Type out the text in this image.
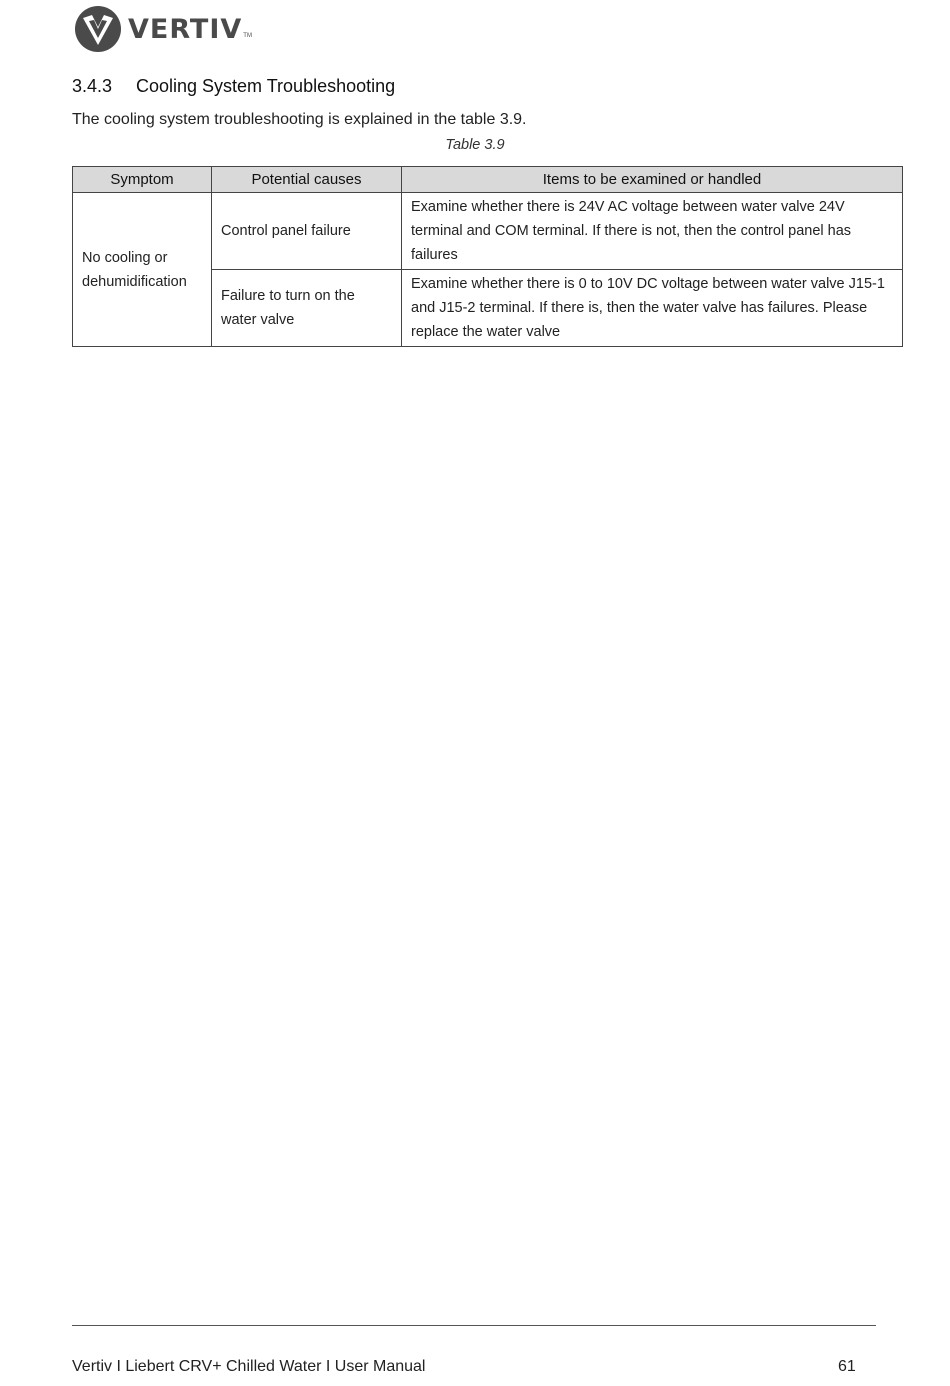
VERTIV TM
3.4.3 Cooling System Troubleshooting
The cooling system troubleshooting is explained in the table 3.9.
Table 3.9
Symptom	Potential causes	Items to be examined or handled
No cooling or dehumidification	Control panel failure	Examine whether there is 24V AC voltage between water valve 24V terminal and COM terminal. If there is not, then the control panel has failures
	Failure to turn on the water valve	Examine whether there is 0 to 10V DC voltage between water valve J15-1 and J15-2 terminal. If there is, then the water valve has failures. Please replace the water valve
Vertiv I Liebert CRV+ Chilled Water I User Manual	61
